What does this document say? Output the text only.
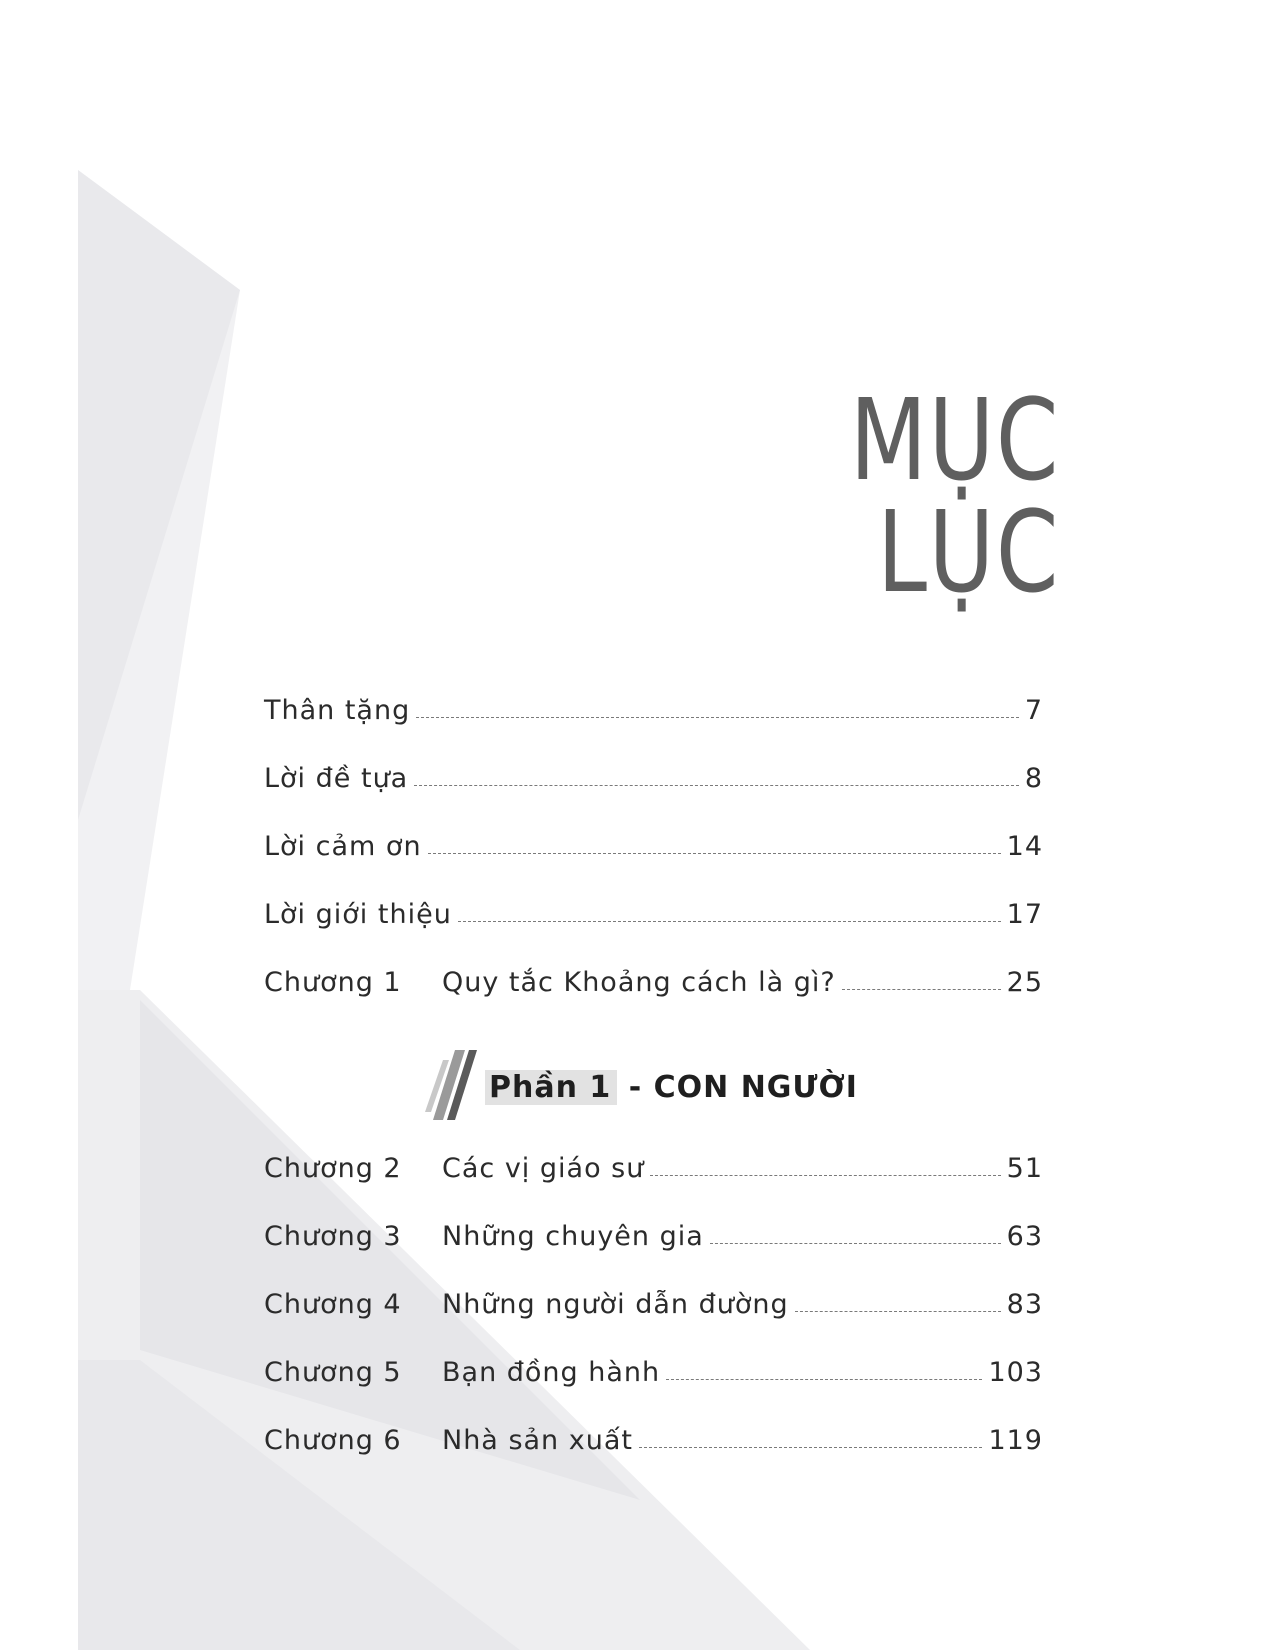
MỤC LỤC
Thân tặng	7
Lời đề tựa	8
Lời cảm ơn	14
Lời giới thiệu	17
Chương 1	Quy tắc Khoảng cách là gì?	25
Phần 1 - CON NGƯỜI
Chương 2	Các vị giáo sư	51
Chương 3	Những chuyên gia	63
Chương 4	Những người dẫn đường	83
Chương 5	Bạn đồng hành	103
Chương 6	Nhà sản xuất	119
